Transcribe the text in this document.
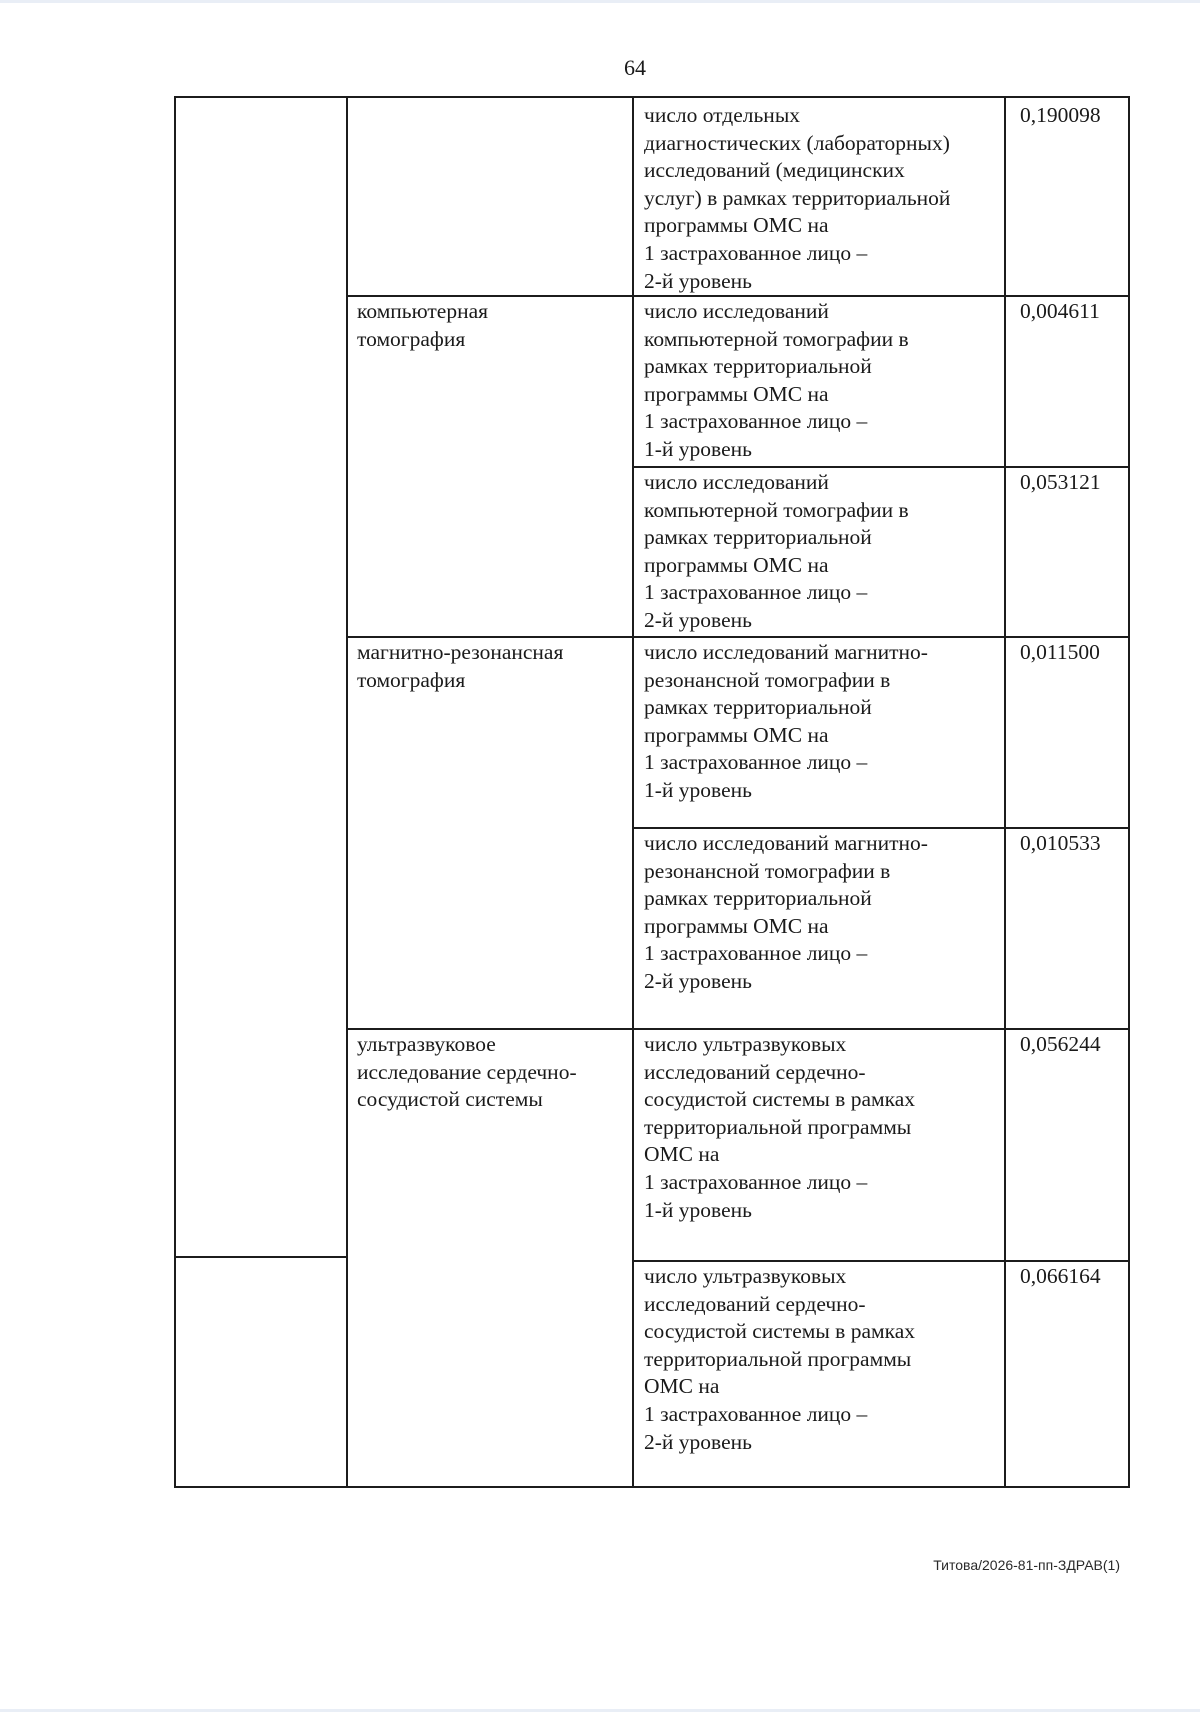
64
число отдельных
диагностических (лабораторных)
исследований (медицинских
услуг) в рамках территориальной
программы ОМС на
1 застрахованное лицо –
2-й уровень
0,190098
компьютерная
томография
число исследований
компьютерной томографии в
рамках территориальной
программы ОМС на
1 застрахованное лицо –
1-й уровень
0,004611
число исследований
компьютерной томографии в
рамках территориальной
программы ОМС на
1 застрахованное лицо –
2-й уровень
0,053121
магнитно-резонансная
томография
число исследований магнитно-
резонансной томографии в
рамках территориальной
программы ОМС на
1 застрахованное лицо –
1-й уровень
0,011500
число исследований магнитно-
резонансной томографии в
рамках территориальной
программы ОМС на
1 застрахованное лицо –
2-й уровень
0,010533
ультразвуковое
исследование сердечно-
сосудистой системы
число ультразвуковых
исследований сердечно-
сосудистой системы в рамках
территориальной программы
ОМС на
1 застрахованное лицо –
1-й уровень
0,056244
число ультразвуковых
исследований сердечно-
сосудистой системы в рамках
территориальной программы
ОМС на
1 застрахованное лицо –
2-й уровень
0,066164
Титова/2026-81-пп-ЗДРАВ(1)
